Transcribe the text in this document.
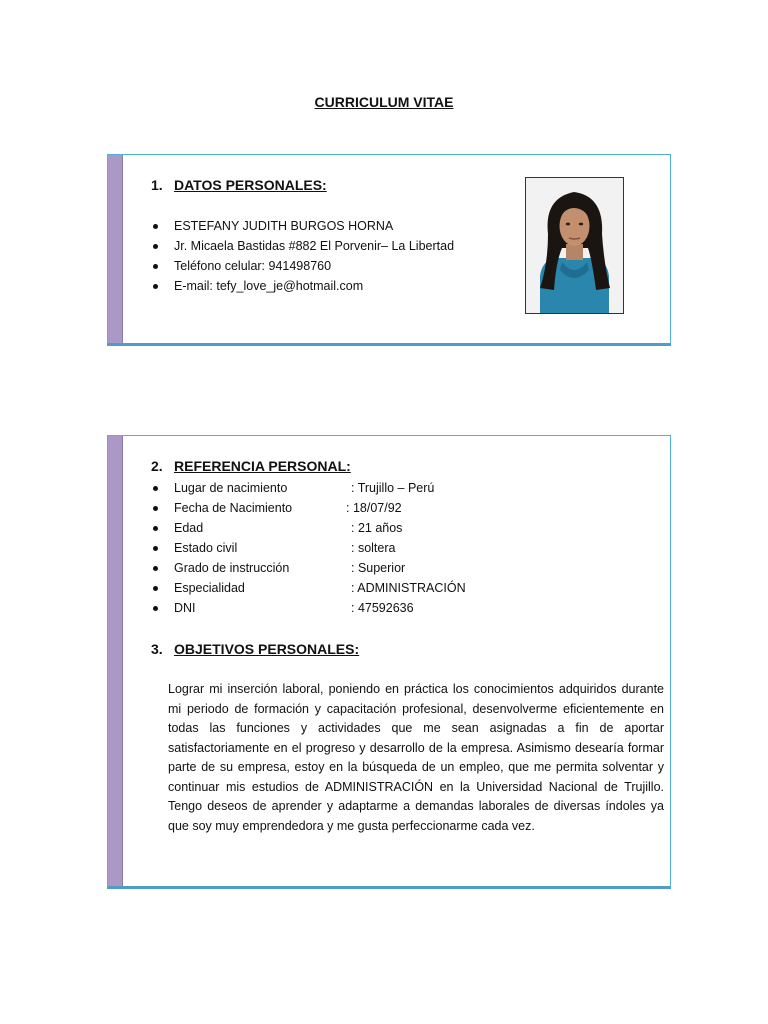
CURRICULUM VITAE
1. DATOS PERSONALES:
ESTEFANY JUDITH BURGOS HORNA
Jr. Micaela Bastidas #882 El Porvenir– La Libertad
Teléfono celular: 941498760
E-mail: tefy_love_je@hotmail.com
2. REFERENCIA PERSONAL:
Lugar de nacimiento	: Trujillo – Perú
Fecha de Nacimiento	: 18/07/92
Edad	: 21 años
Estado civil	: soltera
Grado de instrucción	: Superior
Especialidad	: ADMINISTRACIÓN
DNI	: 47592636
3. OBJETIVOS PERSONALES:

Lograr mi inserción laboral, poniendo en práctica los conocimientos adquiridos durante mi periodo de formación y capacitación profesional, desenvolverme eficientemente en todas las funciones y actividades que me sean asignadas a fin de aportar satisfactoriamente en el progreso y desarrollo de la empresa. Asimismo desearía formar parte de su empresa, estoy en la búsqueda de un empleo, que me permita solventar y continuar mis estudios de ADMINISTRACIÓN en la Universidad Nacional de Trujillo. Tengo deseos de aprender y adaptarme a demandas laborales de diversas índoles ya que soy muy emprendedora y me gusta perfeccionarme cada vez.
